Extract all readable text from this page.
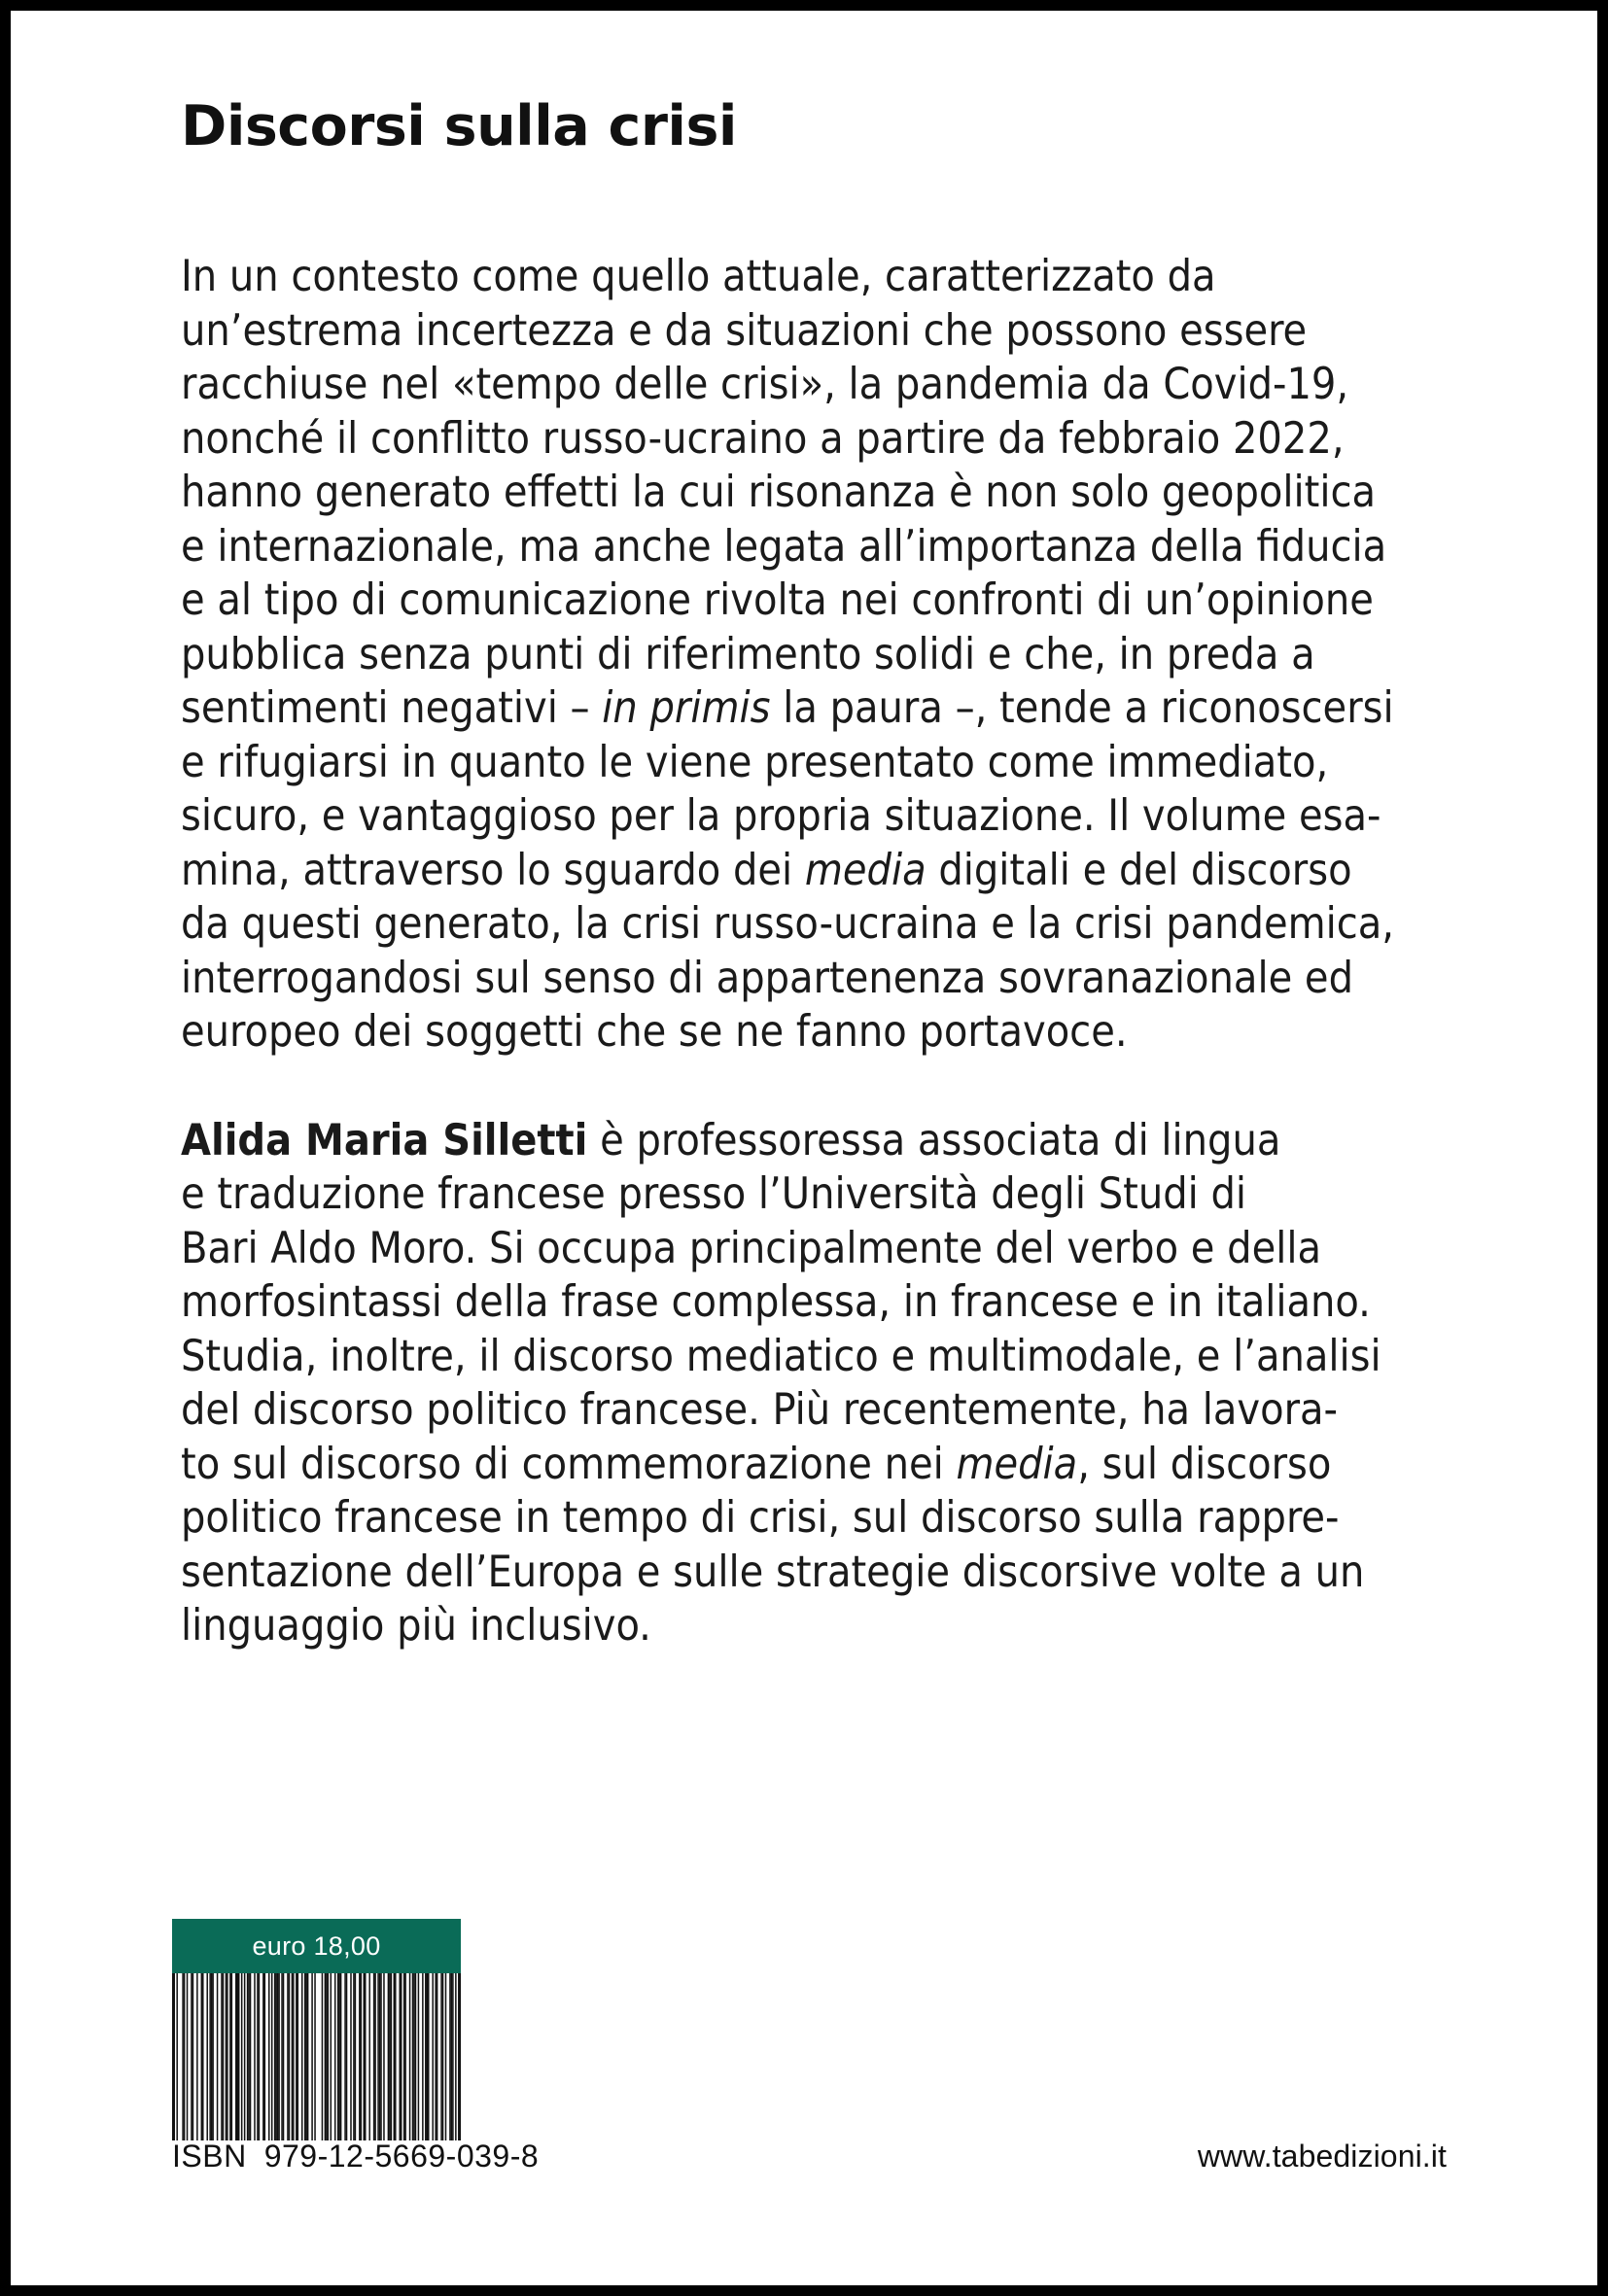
Discorsi sulla crisi
In un contesto come quello attuale, caratterizzato da
un’estrema incertezza e da situazioni che possono essere
racchiuse nel «tempo delle crisi», la pandemia da Covid-19,
nonché il conflitto russo-ucraino a partire da febbraio 2022,
hanno generato effetti la cui risonanza è non solo geopolitica
e internazionale, ma anche legata all’importanza della fiducia
e al tipo di comunicazione rivolta nei confronti di un’opinione
pubblica senza punti di riferimento solidi e che, in preda a
sentimenti negativi – in primis la paura –, tende a riconoscersi
e rifugiarsi in quanto le viene presentato come immediato,
sicuro, e vantaggioso per la propria situazione. Il volume esa-
mina, attraverso lo sguardo dei media digitali e del discorso
da questi generato, la crisi russo-ucraina e la crisi pandemica,
interrogandosi sul senso di appartenenza sovranazionale ed
europeo dei soggetti che se ne fanno portavoce.
Alida Maria Silletti è professoressa associata di lingua
e traduzione francese presso l’Università degli Studi di
Bari Aldo Moro. Si occupa principalmente del verbo e della
morfosintassi della frase complessa, in francese e in italiano.
Studia, inoltre, il discorso mediatico e multimodale, e l’analisi
del discorso politico francese. Più recentemente, ha lavora-
to sul discorso di commemorazione nei media, sul discorso
politico francese in tempo di crisi, sul discorso sulla rappre-
sentazione dell’Europa e sulle strategie discorsive volte a un
linguaggio più inclusivo.
euro 18,00
ISBN 979-12-5669-039-8	www.tabedizioni.it
